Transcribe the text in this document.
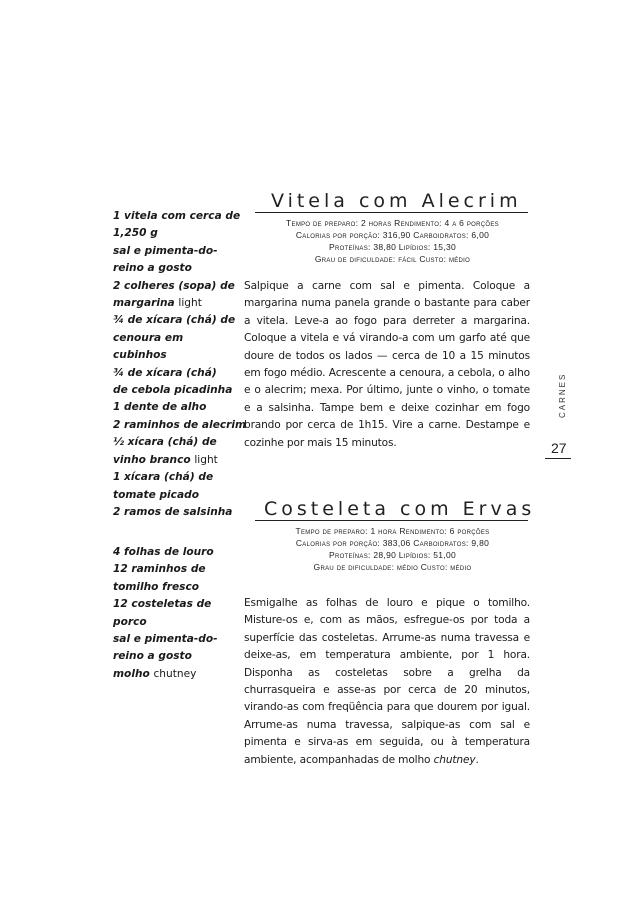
Vitela com Alecrim
Tempo de preparo: 2 horas Rendimento: 4 a 6 porções
Calorias por porção: 316,90 Carboidratos: 6,00
Proteínas: 38,80 Lipídios: 15,30
Grau de dificuldade: fácil Custo: médio
1 vitela com cerca de
1,250 g
sal e pimenta-do-
reino a gosto
2 colheres (sopa) de
margarina light
¾ de xícara (chá) de
cenoura em
cubinhos
¾ de xícara (chá)
de cebola picadinha
1 dente de alho
2 raminhos de alecrim
½ xícara (chá) de
vinho branco light
1 xícara (chá) de
tomate picado
2 ramos de salsinha
Salpique a carne com sal e pimenta. Coloque a margarina numa panela grande o bastante para caber a vitela. Leve-a ao fogo para derreter a margarina. Coloque a vitela e vá virando-a com um garfo até que doure de todos os lados — cerca de 10 a 15 minutos em fogo médio. Acrescente a cenoura, a cebola, o alho e o alecrim; mexa. Por último, junte o vinho, o tomate e a salsinha. Tampe bem e deixe cozinhar em fogo brando por cerca de 1h15. Vire a carne. Destampe e cozinhe por mais 15 minutos.
CARNES
27
Costeleta com Ervas
Tempo de preparo: 1 hora Rendimento: 6 porções
Calorias por porção: 383,06 Carboidratos: 9,80
Proteínas: 28,90 Lipídios: 51,00
Grau de dificuldade: médio Custo: médio
4 folhas de louro
12 raminhos de
tomilho fresco
12 costeletas de
porco
sal e pimenta-do-
reino a gosto
molho chutney
Esmigalhe as folhas de louro e pique o tomilho. Misture-os e, com as mãos, esfregue-os por toda a superfície das costeletas. Arrume-as numa travessa e deixe-as, em temperatura ambiente, por 1 hora. Disponha as costeletas sobre a grelha da churrasqueira e asse-as por cerca de 20 minutos, virando-as com freqüência para que dourem por igual. Arrume-as numa travessa, salpique-as com sal e pimenta e sirva-as em seguida, ou à temperatura ambiente, acompanhadas de molho chutney.
